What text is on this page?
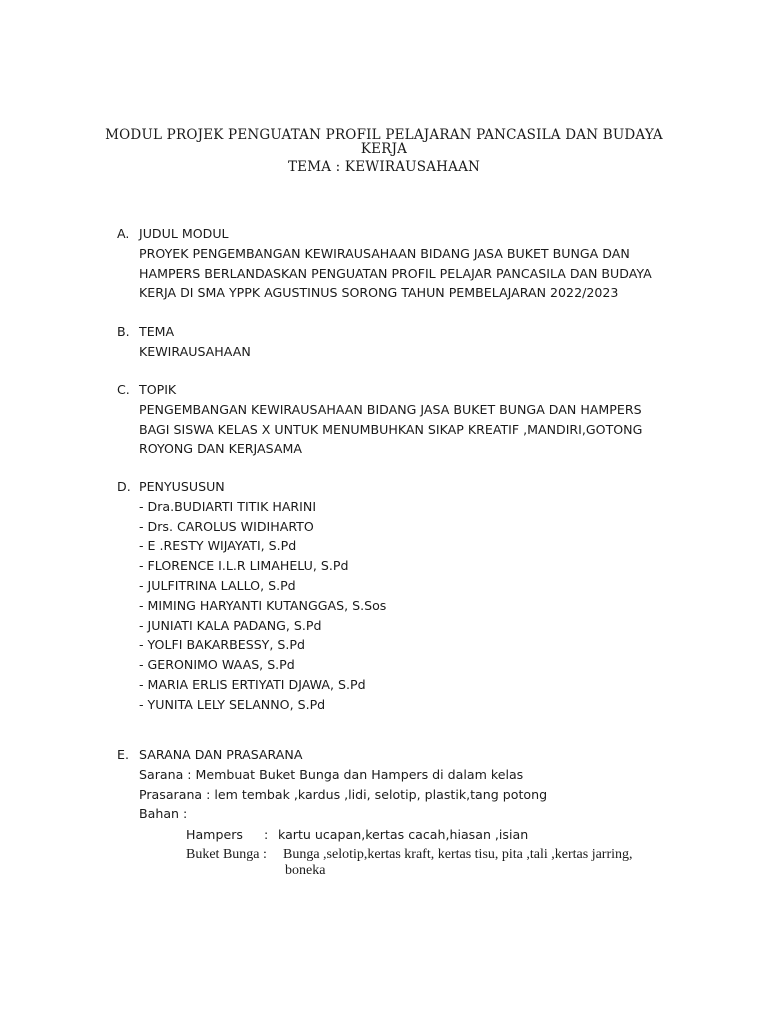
MODUL PROJEK PENGUATAN PROFIL PELAJARAN PANCASILA DAN BUDAYA
KERJA
TEMA : KEWIRAUSAHAAN
A. JUDUL MODUL
PROYEK PENGEMBANGAN KEWIRAUSAHAAN BIDANG JASA BUKET BUNGA DAN
HAMPERS BERLANDASKAN PENGUATAN PROFIL PELAJAR PANCASILA DAN BUDAYA
KERJA DI SMA YPPK AGUSTINUS SORONG TAHUN PEMBELAJARAN 2022/2023
B. TEMA
KEWIRAUSAHAAN
C. TOPIK
PENGEMBANGAN KEWIRAUSAHAAN BIDANG JASA BUKET BUNGA DAN HAMPERS
BAGI SISWA KELAS X UNTUK MENUMBUHKAN SIKAP KREATIF ,MANDIRI,GOTONG
ROYONG DAN KERJASAMA
D. PENYUSUSUN
- Dra.BUDIARTI TITIK HARINI
- Drs. CAROLUS WIDIHARTO
- E .RESTY WIJAYATI, S.Pd
- FLORENCE I.L.R LIMAHELU, S.Pd
- JULFITRINA LALLO, S.Pd
- MIMING HARYANTI KUTANGGAS, S.Sos
- JUNIATI KALA PADANG, S.Pd
- YOLFI BAKARBESSY, S.Pd
- GERONIMO WAAS, S.Pd
- MARIA ERLIS ERTIYATI DJAWA, S.Pd
- YUNITA LELY SELANNO, S.Pd
E. SARANA DAN PRASARANA
Sarana : Membuat Buket Bunga dan Hampers di dalam kelas
Prasarana : lem tembak ,kardus ,lidi, selotip, plastik,tang potong
Bahan :
Hampers : kartu ucapan,kertas cacah,hiasan ,isian
Buket Bunga : Bunga ,selotip,kertas kraft, kertas tisu, pita ,tali ,kertas jarring,
boneka
